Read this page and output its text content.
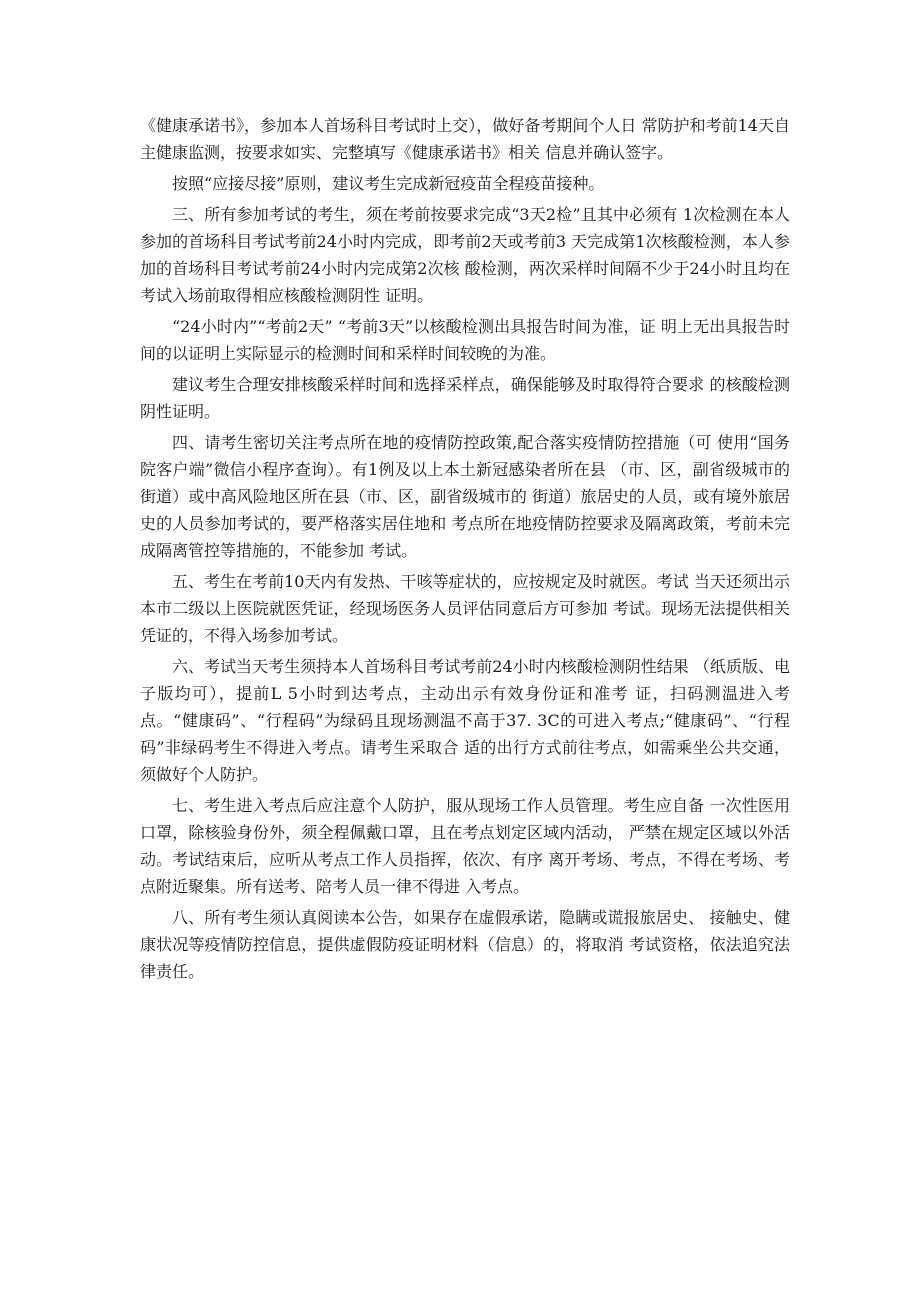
《健康承诺书》，参加本人首场科目考试时上交），做好备考期间个人日 常防护和考前14天自主健康监测，按要求如实、完整填写《健康承诺书》相关 信息并确认签字。

按照“应接尽接”原则，建议考生完成新冠疫苗全程疫苗接种。

三、所有参加考试的考生，须在考前按要求完成“3天2检”且其中必须有 1次检测在本人参加的首场科目考试考前24小时内完成，即考前2天或考前3 天完成第1次核酸检测，本人参加的首场科目考试考前24小时内完成第2次核 酸检测，两次采样时间隔不少于24小时且均在考试入场前取得相应核酸检测阴性 证明。

“24小时内”“考前2天” “考前3天”以核酸检测出具报告时间为准，证 明上无出具报告时间的以证明上实际显示的检测时间和采样时间较晚的为准。

建议考生合理安排核酸采样时间和选择采样点，确保能够及时取得符合要求 的核酸检测阴性证明。

四、请考生密切关注考点所在地的疫情防控政策,配合落实疫情防控措施（可 使用“国务院客户端”微信小程序查询）。有1例及以上本土新冠感染者所在县 （市、区，副省级城市的街道）或中高风险地区所在县（市、区，副省级城市的 街道）旅居史的人员，或有境外旅居史的人员参加考试的，要严格落实居住地和 考点所在地疫情防控要求及隔离政策，考前未完成隔离管控等措施的，不能参加 考试。

五、考生在考前10天内有发热、干咳等症状的，应按规定及时就医。考试 当天还须出示本市二级以上医院就医凭证，经现场医务人员评估同意后方可参加 考试。现场无法提供相关凭证的，不得入场参加考试。

六、考试当天考生须持本人首场科目考试考前24小时内核酸检测阴性结果 （纸质版、电子版均可），提前L 5小时到达考点，主动出示有效身份证和准考 证，扫码测温进入考点。“健康码”、“行程码”为绿码且现场测温不高于37. 3C的可进入考点;“健康码”、“行程码”非绿码考生不得进入考点。请考生采取合 适的出行方式前往考点，如需乘坐公共交通，须做好个人防护。

七、考生进入考点后应注意个人防护，服从现场工作人员管理。考生应自备 一次性医用口罩，除核验身份外，须全程佩戴口罩，且在考点划定区域内活动， 严禁在规定区域以外活动。考试结束后，应听从考点工作人员指挥，依次、有序 离开考场、考点，不得在考场、考点附近聚集。所有送考、陪考人员一律不得进 入考点。

八、所有考生须认真阅读本公告，如果存在虚假承诺，隐瞒或谎报旅居史、 接触史、健康状况等疫情防控信息，提供虚假防疫证明材料（信息）的，将取消 考试资格，依法追究法律责任。
